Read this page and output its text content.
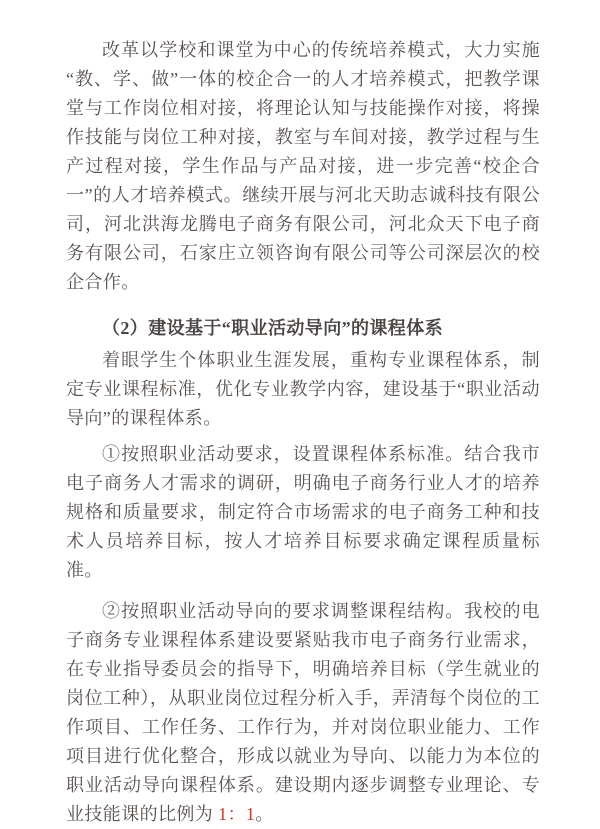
改革以学校和课堂为中心的传统培养模式，大力实施“教、学、做”一体的校企合一的人才培养模式，把教学课堂与工作岗位相对接，将理论认知与技能操作对接，将操作技能与岗位工种对接，教室与车间对接，教学过程与生产过程对接，学生作品与产品对接，进一步完善“校企合一”的人才培养模式。继续开展与河北天助志诚科技有限公司，河北洪海龙腾电子商务有限公司，河北众天下电子商务有限公司，石家庄立领咨询有限公司等公司深层次的校企合作。

（2）建设基于“职业活动导向”的课程体系

着眼学生个体职业生涯发展，重构专业课程体系，制定专业课程标准，优化专业教学内容，建设基于“职业活动导向”的课程体系。

①按照职业活动要求，设置课程体系标准。结合我市电子商务人才需求的调研，明确电子商务行业人才的培养规格和质量要求，制定符合市场需求的电子商务工种和技术人员培养目标，按人才培养目标要求确定课程质量标准。

②按照职业活动导向的要求调整课程结构。我校的电子商务专业课程体系建设要紧贴我市电子商务行业需求，在专业指导委员会的指导下，明确培养目标（学生就业的岗位工种），从职业岗位过程分析入手，弄清每个岗位的工作项目、工作任务、工作行为，并对岗位职业能力、工作项目进行优化整合，形成以就业为导向、以能力为本位的职业活动导向课程体系。建设期内逐步调整专业理论、专业技能课的比例为 1：1。
